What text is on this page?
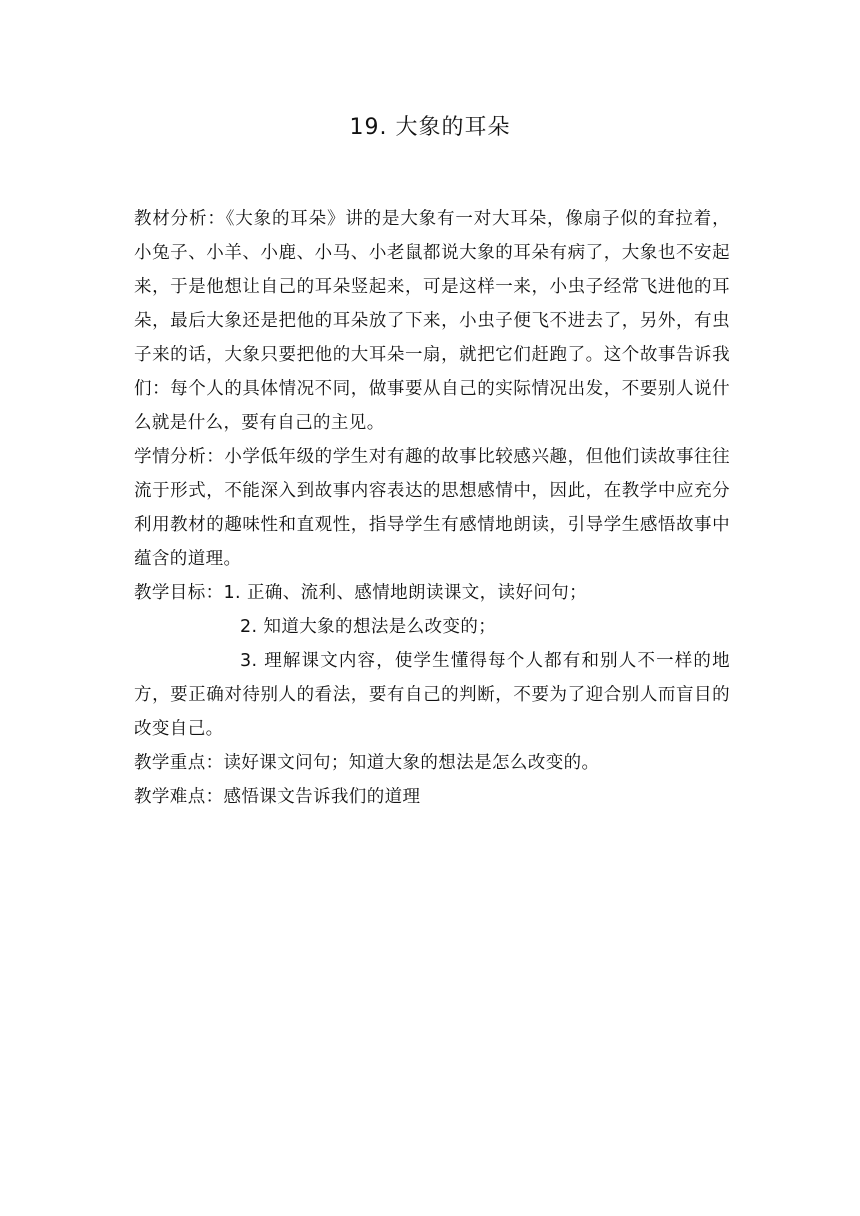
19. 大象的耳朵

教材分析：《大象的耳朵》讲的是大象有一对大耳朵，像扇子似的耷拉着，小兔子、小羊、小鹿、小马、小老鼠都说大象的耳朵有病了，大象也不安起来，于是他想让自己的耳朵竖起来，可是这样一来，小虫子经常飞进他的耳朵，最后大象还是把他的耳朵放了下来，小虫子便飞不进去了，另外，有虫子来的话，大象只要把他的大耳朵一扇，就把它们赶跑了。这个故事告诉我们：每个人的具体情况不同，做事要从自己的实际情况出发，不要别人说什么就是什么，要有自己的主见。

学情分析：小学低年级的学生对有趣的故事比较感兴趣，但他们读故事往往流于形式，不能深入到故事内容表达的思想感情中，因此，在教学中应充分利用教材的趣味性和直观性，指导学生有感情地朗读，引导学生感悟故事中蕴含的道理。

教学目标：1. 正确、流利、感情地朗读课文，读好问句；

2. 知道大象的想法是么改变的；

3. 理解课文内容，使学生懂得每个人都有和别人不一样的地方，要正确对待别人的看法，要有自己的判断，不要为了迎合别人而盲目的改变自己。

教学重点：读好课文问句；知道大象的想法是怎么改变的。

教学难点：感悟课文告诉我们的道理
